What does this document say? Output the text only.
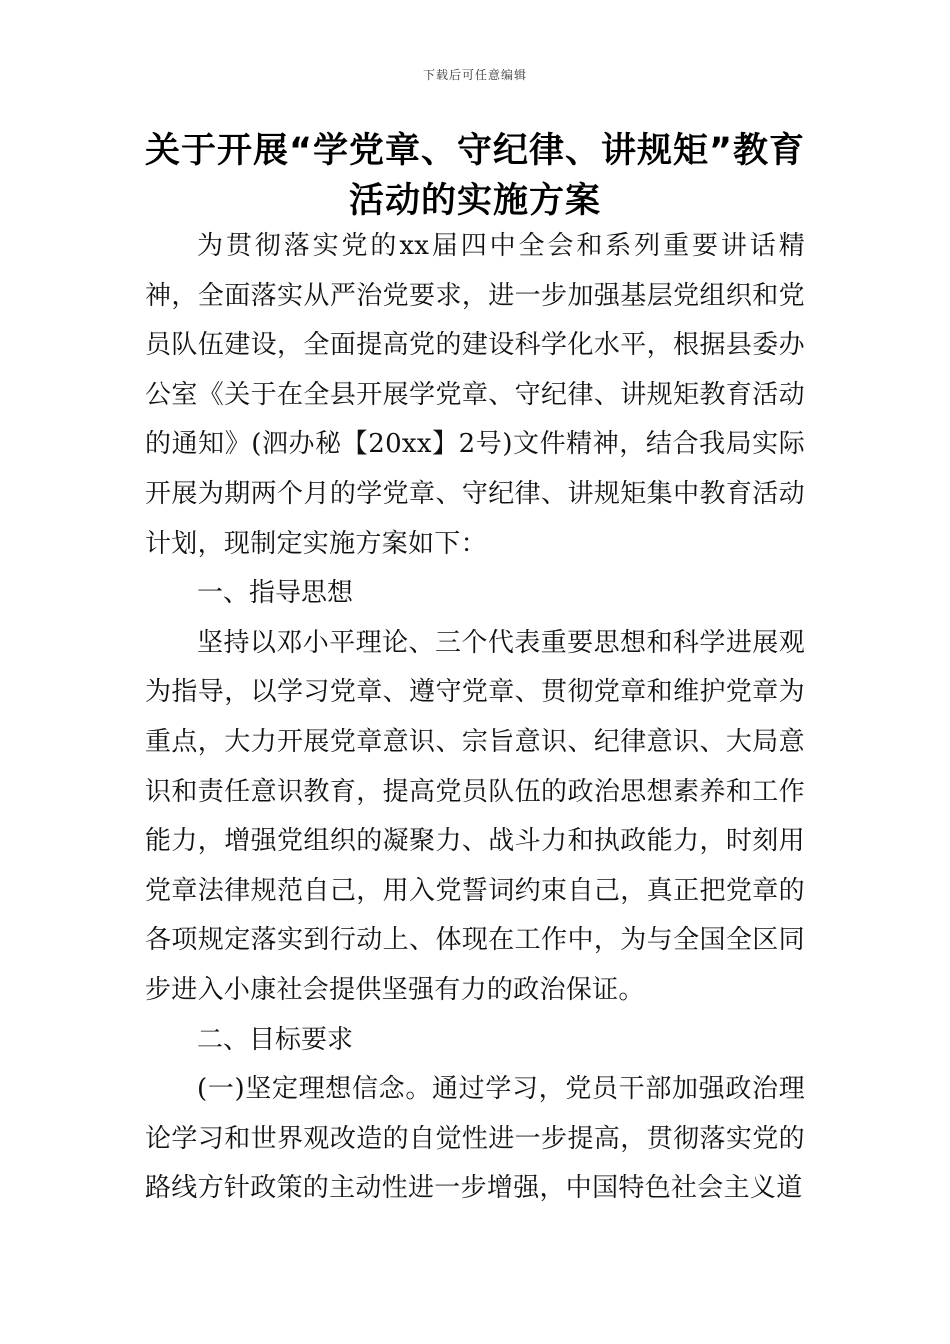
下载后可任意编辑
关于开展“学党章、守纪律、讲规矩”教育活动的实施方案

为贯彻落实党的xx届四中全会和系列重要讲话精神，全面落实从严治党要求，进一步加强基层党组织和党员队伍建设，全面提高党的建设科学化水平，根据县委办公室《关于在全县开展学党章、守纪律、讲规矩教育活动的通知》(泗办秘【20xx】2号)文件精神，结合我局实际开展为期两个月的学党章、守纪律、讲规矩集中教育活动计划，现制定实施方案如下：

一、指导思想

坚持以邓小平理论、三个代表重要思想和科学进展观为指导，以学习党章、遵守党章、贯彻党章和维护党章为重点，大力开展党章意识、宗旨意识、纪律意识、大局意识和责任意识教育，提高党员队伍的政治思想素养和工作能力，增强党组织的凝聚力、战斗力和执政能力，时刻用党章法律规范自己，用入党誓词约束自己，真正把党章的各项规定落实到行动上、体现在工作中，为与全国全区同步进入小康社会提供坚强有力的政治保证。

二、目标要求

(一)坚定理想信念。通过学习，党员干部加强政治理论学习和世界观改造的自觉性进一步提高，贯彻落实党的路线方针政策的主动性进一步增强，中国特色社会主义道
